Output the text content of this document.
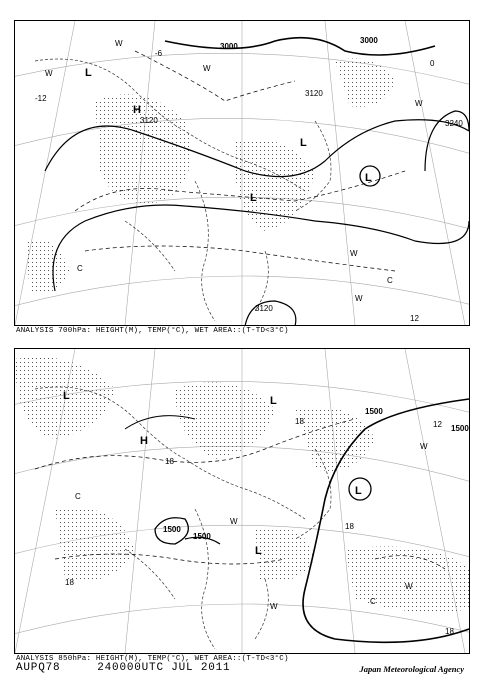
3000
3000
3120
3120
3120
3240
H
L
L
L
L
0
-6
-12
12
W
W
W
W
W
C
C
W
ANALYSIS 700hPa: HEIGHT(M), TEMP(°C), WET AREA::(T-TD<3°C)
1500
1500
1500
1500
H
L
L
L
L
18
18	12
18
18
18
W
W
W
C
C
W
ANALYSIS 850hPa: HEIGHT(M), TEMP(°C), WET AREA::(T-TD<3°C)
AUPQ78	240000UTC JUL 2011	Japan Meteorological Agency
